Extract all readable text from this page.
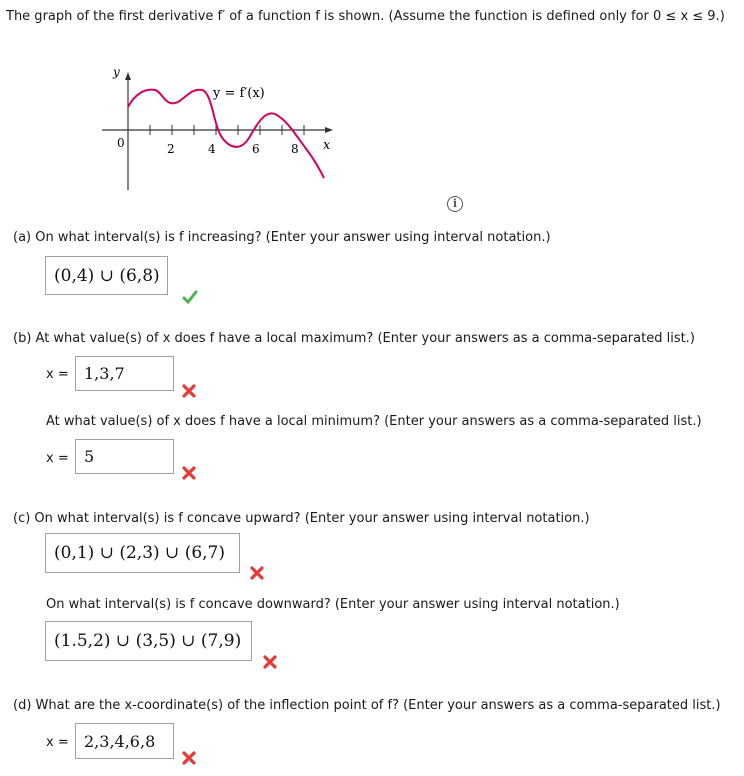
The graph of the first derivative f′ of a function f is shown. (Assume the function is defined only for 0 ≤ x ≤ 9.)
y
x
y = f′(x)
0	2	4	6	8
i
(a) On what interval(s) is f increasing? (Enter your answer using interval notation.)
(0,4) ∪ (6,8)
(b) At what value(s) of x does f have a local maximum? (Enter your answers as a comma-separated list.)
x = 1,3,7
At what value(s) of x does f have a local minimum? (Enter your answers as a comma-separated list.)
x = 5
(c) On what interval(s) is f concave upward? (Enter your answer using interval notation.)
(0,1) ∪ (2,3) ∪ (6,7)
On what interval(s) is f concave downward? (Enter your answer using interval notation.)
(1.5,2) ∪ (3,5) ∪ (7,9)
(d) What are the x-coordinate(s) of the inflection point of f? (Enter your answers as a comma-separated list.)
x = 2,3,4,6,8
